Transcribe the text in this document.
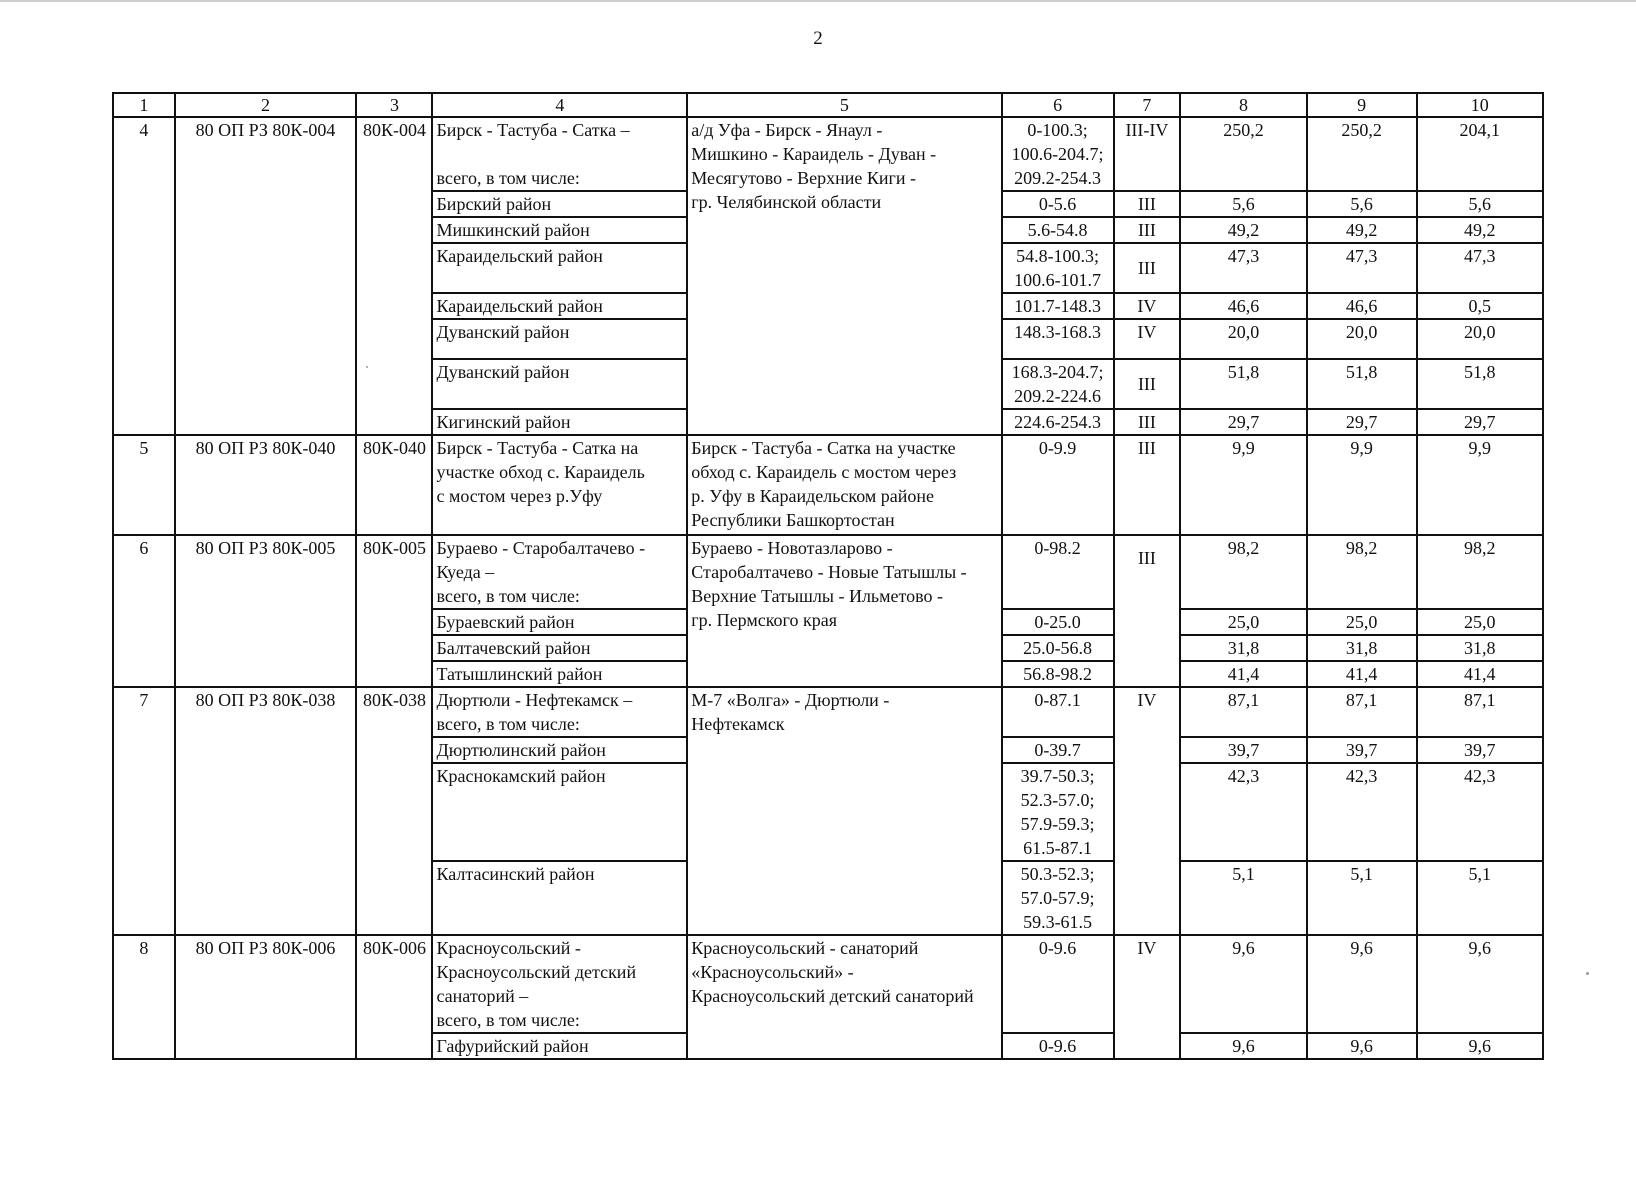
2
1	2	3	4	5	6	7	8	9	10
4	80 ОП РЗ 80К-004	80К-004	Бирск - Тастуба - Сатка –

всего, в том числе:	а/д Уфа - Бирск - Янаул -
Мишкино - Караидель - Дуван -
Месягутово - Верхние Киги -
гр. Челябинской области	0-100.3;
100.6-204.7;
209.2-254.3	III-IV	250,2	250,2	204,1
			Бирский район		0-5.6	III	5,6	5,6	5,6
			Мишкинский район		5.6-54.8	III	49,2	49,2	49,2
			Караидельский район		54.8-100.3;
100.6-101.7	III	47,3	47,3	47,3
			Караидельский район		101.7-148.3	IV	46,6	46,6	0,5
			Дуванский район		148.3-168.3	IV	20,0	20,0	20,0
			Дуванский район		168.3-204.7;
209.2-224.6	III	51,8	51,8	51,8
			Кигинский район		224.6-254.3	III	29,7	29,7	29,7
5	80 ОП РЗ 80К-040	80К-040	Бирск - Тастуба - Сатка на
участке обход с. Караидель
с мостом через р.Уфу	Бирск - Тастуба - Сатка на участке
обход с. Караидель с мостом через
р. Уфу в Караидельском районе
Республики Башкортостан	0-9.9	III	9,9	9,9	9,9
6	80 ОП РЗ 80К-005	80К-005	Бураево - Старобалтачево -
Куеда –
всего, в том числе:	Бураево - Новотазларово -
Старобалтачево - Новые Татышлы -
Верхние Татышлы - Ильметово -
гр. Пермского края	0-98.2	III	98,2	98,2	98,2
			Бураевский район		0-25.0		25,0	25,0	25,0
			Балтачевский район		25.0-56.8		31,8	31,8	31,8
			Татышлинский район		56.8-98.2		41,4	41,4	41,4
7	80 ОП РЗ 80К-038	80К-038	Дюртюли - Нефтекамск –
всего, в том числе:	М-7 «Волга» - Дюртюли -
Нефтекамск	0-87.1	IV	87,1	87,1	87,1
			Дюртюлинский район		0-39.7		39,7	39,7	39,7
			Краснокамский район		39.7-50.3;
52.3-57.0;
57.9-59.3;
61.5-87.1		42,3	42,3	42,3
			Калтасинский район		50.3-52.3;
57.0-57.9;
59.3-61.5		5,1	5,1	5,1
8	80 ОП РЗ 80К-006	80К-006	Красноусольский -
Красноусольский детский
санаторий –
всего, в том числе:	Красноусольский - санаторий
«Красноусольский» -
Красноусольский детский санаторий	0-9.6	IV	9,6	9,6	9,6
			Гафурийский район		0-9.6		9,6	9,6	9,6
